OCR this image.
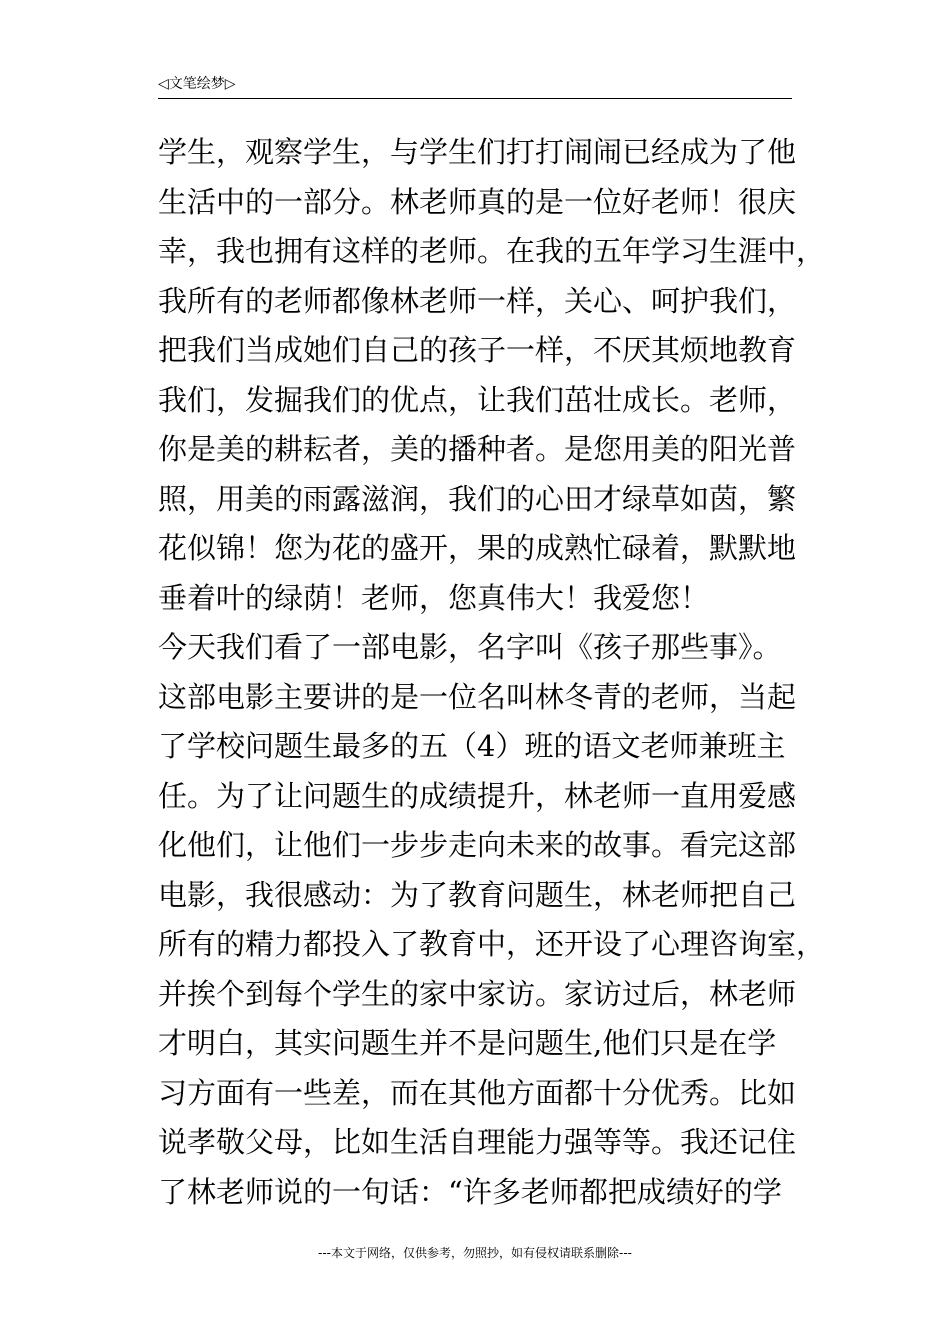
◁文笔绘梦▷
学生，观察学生，与学生们打打闹闹已经成为了他
生活中的一部分。林老师真的是一位好老师！很庆
幸，我也拥有这样的老师。在我的五年学习生涯中，
我所有的老师都像林老师一样，关心、呵护我们，
把我们当成她们自己的孩子一样，不厌其烦地教育
我们，发掘我们的优点，让我们茁壮成长。老师，
你是美的耕耘者，美的播种者。是您用美的阳光普
照，用美的雨露滋润，我们的心田才绿草如茵，繁
花似锦！您为花的盛开，果的成熟忙碌着，默默地
垂着叶的绿荫！老师，您真伟大！我爱您！
今天我们看了一部电影，名字叫《孩子那些事》。
这部电影主要讲的是一位名叫林冬青的老师，当起
了学校问题生最多的五（4）班的语文老师兼班主
任。为了让问题生的成绩提升，林老师一直用爱感
化他们，让他们一步步走向未来的故事。看完这部
电影，我很感动：为了教育问题生，林老师把自己
所有的精力都投入了教育中，还开设了心理咨询室，
并挨个到每个学生的家中家访。家访过后，林老师
才明白，其实问题生并不是问题生,他们只是在学
习方面有一些差，而在其他方面都十分优秀。比如
说孝敬父母，比如生活自理能力强等等。我还记住
了林老师说的一句话：“许多老师都把成绩好的学
---本文于网络，仅供参考，勿照抄，如有侵权请联系删除---
